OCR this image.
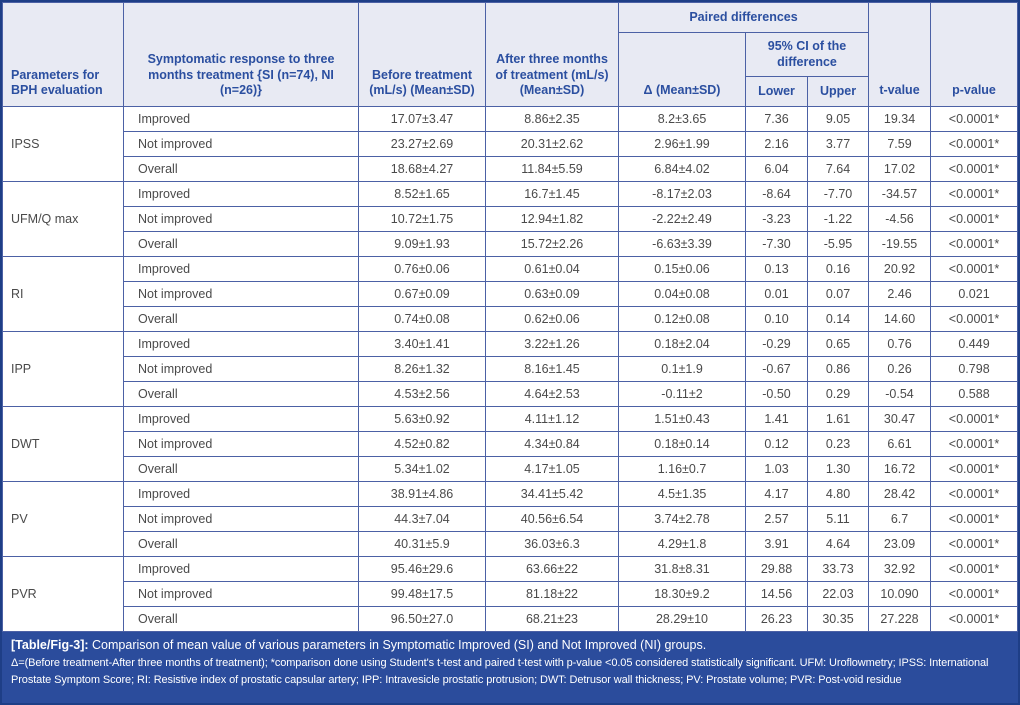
Parameters for BPH evaluation	Symptomatic response to three months treatment {SI (n=74), NI (n=26)}	Before treatment (mL/s) (Mean±SD)	After three months of treatment (mL/s) (Mean±SD)	Paired differences			t-value	p-value
				Δ (Mean±SD)	95% CI of the difference			
					Lower	Upper		
IPSS	Improved	17.07±3.47	8.86±2.35	8.2±3.65	7.36	9.05	19.34	<0.0001*
	Not improved	23.27±2.69	20.31±2.62	2.96±1.99	2.16	3.77	7.59	<0.0001*
	Overall	18.68±4.27	11.84±5.59	6.84±4.02	6.04	7.64	17.02	<0.0001*
UFM/Q max	Improved	8.52±1.65	16.7±1.45	-8.17±2.03	-8.64	-7.70	-34.57	<0.0001*
	Not improved	10.72±1.75	12.94±1.82	-2.22±2.49	-3.23	-1.22	-4.56	<0.0001*
	Overall	9.09±1.93	15.72±2.26	-6.63±3.39	-7.30	-5.95	-19.55	<0.0001*
RI	Improved	0.76±0.06	0.61±0.04	0.15±0.06	0.13	0.16	20.92	<0.0001*
	Not improved	0.67±0.09	0.63±0.09	0.04±0.08	0.01	0.07	2.46	0.021
	Overall	0.74±0.08	0.62±0.06	0.12±0.08	0.10	0.14	14.60	<0.0001*
IPP	Improved	3.40±1.41	3.22±1.26	0.18±2.04	-0.29	0.65	0.76	0.449
	Not improved	8.26±1.32	8.16±1.45	0.1±1.9	-0.67	0.86	0.26	0.798
	Overall	4.53±2.56	4.64±2.53	-0.11±2	-0.50	0.29	-0.54	0.588
DWT	Improved	5.63±0.92	4.11±1.12	1.51±0.43	1.41	1.61	30.47	<0.0001*
	Not improved	4.52±0.82	4.34±0.84	0.18±0.14	0.12	0.23	6.61	<0.0001*
	Overall	5.34±1.02	4.17±1.05	1.16±0.7	1.03	1.30	16.72	<0.0001*
PV	Improved	38.91±4.86	34.41±5.42	4.5±1.35	4.17	4.80	28.42	<0.0001*
	Not improved	44.3±7.04	40.56±6.54	3.74±2.78	2.57	5.11	6.7	<0.0001*
	Overall	40.31±5.9	36.03±6.3	4.29±1.8	3.91	4.64	23.09	<0.0001*
PVR	Improved	95.46±29.6	63.66±22	31.8±8.31	29.88	33.73	32.92	<0.0001*
	Not improved	99.48±17.5	81.18±22	18.30±9.2	14.56	22.03	10.090	<0.0001*
	Overall	96.50±27.0	68.21±23	28.29±10	26.23	30.35	27.228	<0.0001*
[Table/Fig-3]: Comparison of mean value of various parameters in Symptomatic Improved (SI) and Not Improved (NI) groups.
Δ=(Before treatment-After three months of treatment); *comparison done using Student's t-test and paired t-test with p-value <0.05 considered statistically significant. UFM: Uroflowmetry; IPSS: International Prostate Symptom Score; RI: Resistive index of prostatic capsular artery; IPP: Intravesicle prostatic protrusion; DWT: Detrusor wall thickness; PV: Prostate volume; PVR: Post-void residue
